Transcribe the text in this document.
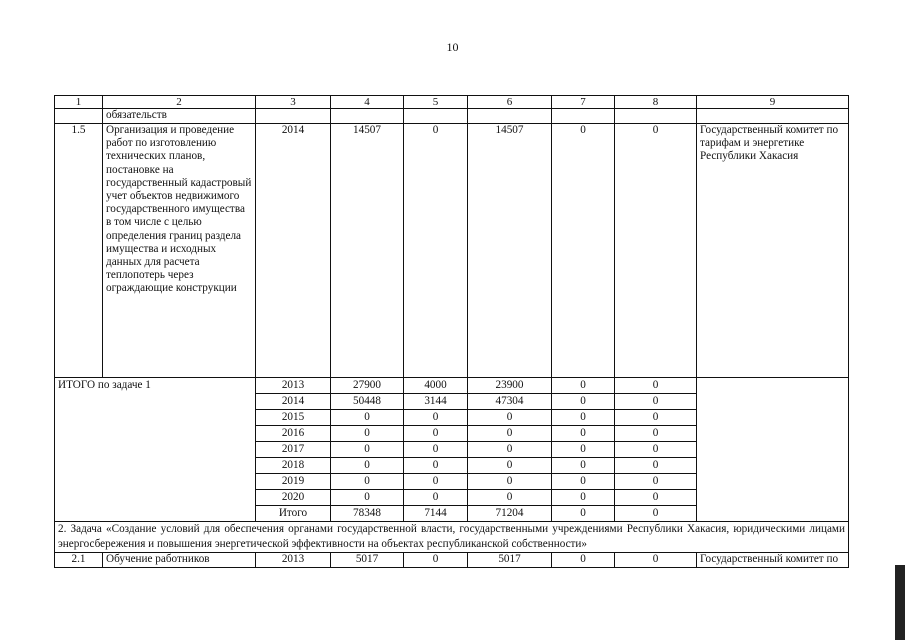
10
1	2	3	4	5	6	7	8	9
	обязательств							
1.5	Организация и проведение работ по изготовлению технических планов, постановке на государственный кадастровый учет объектов недвижимого государственного имущества в том числе с целью определения границ раздела имущества и исходных данных для расчета теплопотерь через ограждающие конструкции	2014	14507	0	14507	0	0	Государственный комитет по тарифам и энергетике Республики Хакасия
ИТОГО по задаче 1		2013	27900	4000	23900	0	0	
		2014	50448	3144	47304	0	0	
		2015	0	0	0	0	0	
		2016	0	0	0	0	0	
		2017	0	0	0	0	0	
		2018	0	0	0	0	0	
		2019	0	0	0	0	0	
		2020	0	0	0	0	0	
		Итого	78348	7144	71204	0	0	
2. Задача «Создание условий для обеспечения органами государственной власти, государственными учреждениями Республики Хакасия, юридическими лицами энергосбережения и повышения энергетической эффективности на объектах республиканской собственности»								
2.1	Обучение работников	2013	5017	0	5017	0	0	Государственный комитет по
